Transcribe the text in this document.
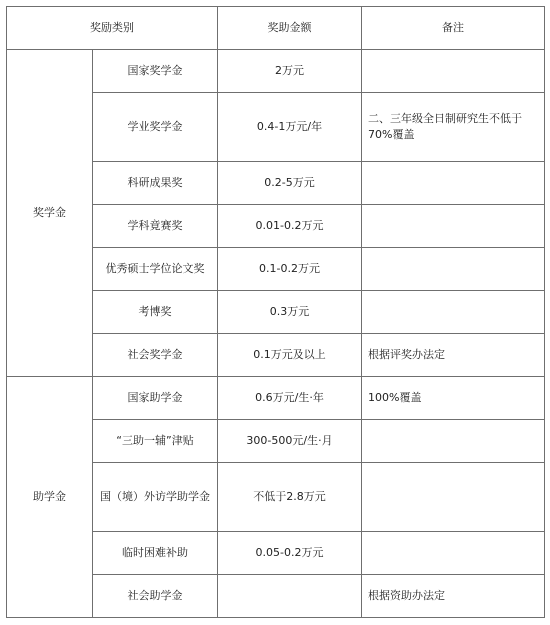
奖励类别		奖助金额	备注
奖学金	国家奖学金	2万元	
	学业奖学金	0.4-1万元/年	二、三年级全日制研究生不低于70%覆盖
	科研成果奖	0.2-5万元	
	学科竟赛奖	0.01-0.2万元	
	优秀硕士学位论文奖	0.1-0.2万元	
	考博奖	0.3万元	
	社会奖学金	0.1万元及以上	根据评奖办法定
助学金	国家助学金	0.6万元/生·年	100%覆盖
	“三助一辅”津贴	300-500元/生·月	
	国（境）外访学助学金	不低于2.8万元	
	临时困难补助	0.05-0.2万元	
	社会助学金		根据资助办法定
